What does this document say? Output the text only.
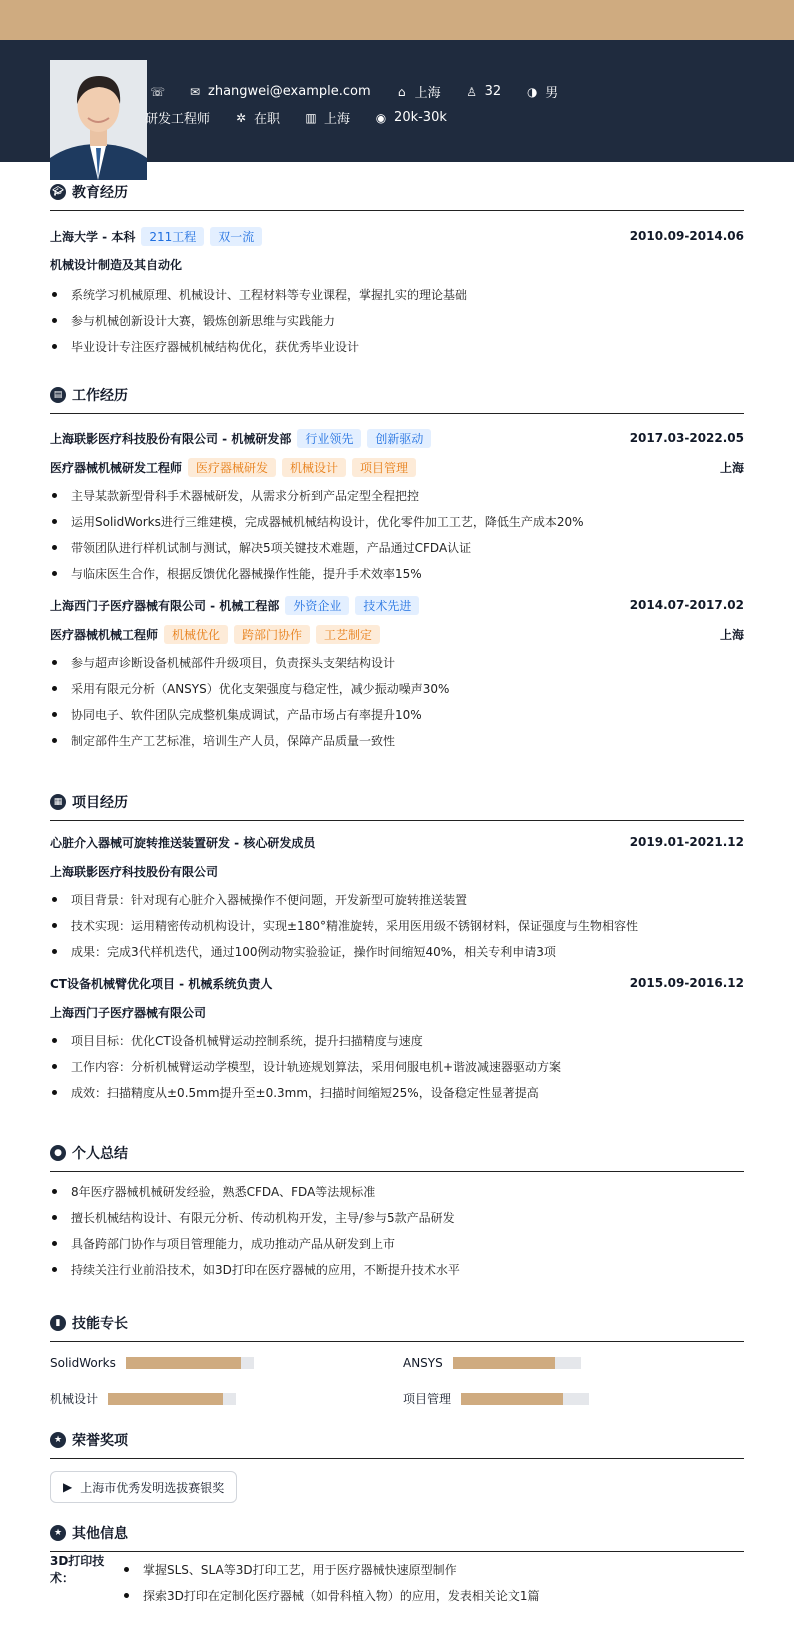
☏ ✉ zhangwei@example.com ⌂ 上海 ♙ 32 ◑ 男
研发工程师 ✲ 在职 ▥ 上海 ◉ 20k-30k
🎓︎ 教育经历
上海大学 - 本科	211工程	双一流	2010.09-2014.06
机械设计制造及其自动化
系统学习机械原理、机械设计、工程材料等专业课程，掌握扎实的理论基础
参与机械创新设计大赛，锻炼创新思维与实践能力
毕业设计专注医疗器械机械结构优化，获优秀毕业设计
▤ 工作经历
上海联影医疗科技股份有限公司 - 机械研发部	行业领先	创新驱动	2017.03-2022.05
医疗器械机械研发工程师	医疗器械研发	机械设计	项目管理	上海
主导某款新型骨科手术器械研发，从需求分析到产品定型全程把控
运用SolidWorks进行三维建模，完成器械机械结构设计，优化零件加工工艺，降低生产成本20%
带领团队进行样机试制与测试，解决5项关键技术难题，产品通过CFDA认证
与临床医生合作，根据反馈优化器械操作性能，提升手术效率15%
上海西门子医疗器械有限公司 - 机械工程部	外资企业	技术先进	2014.07-2017.02
医疗器械机械工程师	机械优化	跨部门协作	工艺制定	上海
参与超声诊断设备机械部件升级项目，负责探头支架结构设计
采用有限元分析（ANSYS）优化支架强度与稳定性，减少振动噪声30%
协同电子、软件团队完成整机集成调试，产品市场占有率提升10%
制定部件生产工艺标准，培训生产人员，保障产品质量一致性
▦ 项目经历
心脏介入器械可旋转推送装置研发 - 核心研发成员	2019.01-2021.12
上海联影医疗科技股份有限公司
项目背景：针对现有心脏介入器械操作不便问题，开发新型可旋转推送装置
技术实现：运用精密传动机构设计，实现±180°精准旋转，采用医用级不锈钢材料，保证强度与生物相容性
成果：完成3代样机迭代，通过100例动物实验验证，操作时间缩短40%，相关专利申请3项
CT设备机械臂优化项目 - 机械系统负责人	2015.09-2016.12
上海西门子医疗器械有限公司
项目目标：优化CT设备机械臂运动控制系统，提升扫描精度与速度
工作内容：分析机械臂运动学模型，设计轨迹规划算法，采用伺服电机+谐波减速器驱动方案
成效：扫描精度从±0.5mm提升至±0.3mm，扫描时间缩短25%，设备稳定性显著提高
● 个人总结
8年医疗器械机械研发经验，熟悉CFDA、FDA等法规标准
擅长机械结构设计、有限元分析、传动机构开发，主导/参与5款产品研发
具备跨部门协作与项目管理能力，成功推动产品从研发到上市
持续关注行业前沿技术，如3D打印在医疗器械的应用，不断提升技术水平
▮ 技能专长
SolidWorks	ANSYS
机械设计	项目管理
★ 荣誉奖项
▶ 上海市优秀发明选拔赛银奖
★ 其他信息
3D打印技术：
掌握SLS、SLA等3D打印工艺，用于医疗器械快速原型制作
探索3D打印在定制化医疗器械（如骨科植入物）的应用，发表相关论文1篇
